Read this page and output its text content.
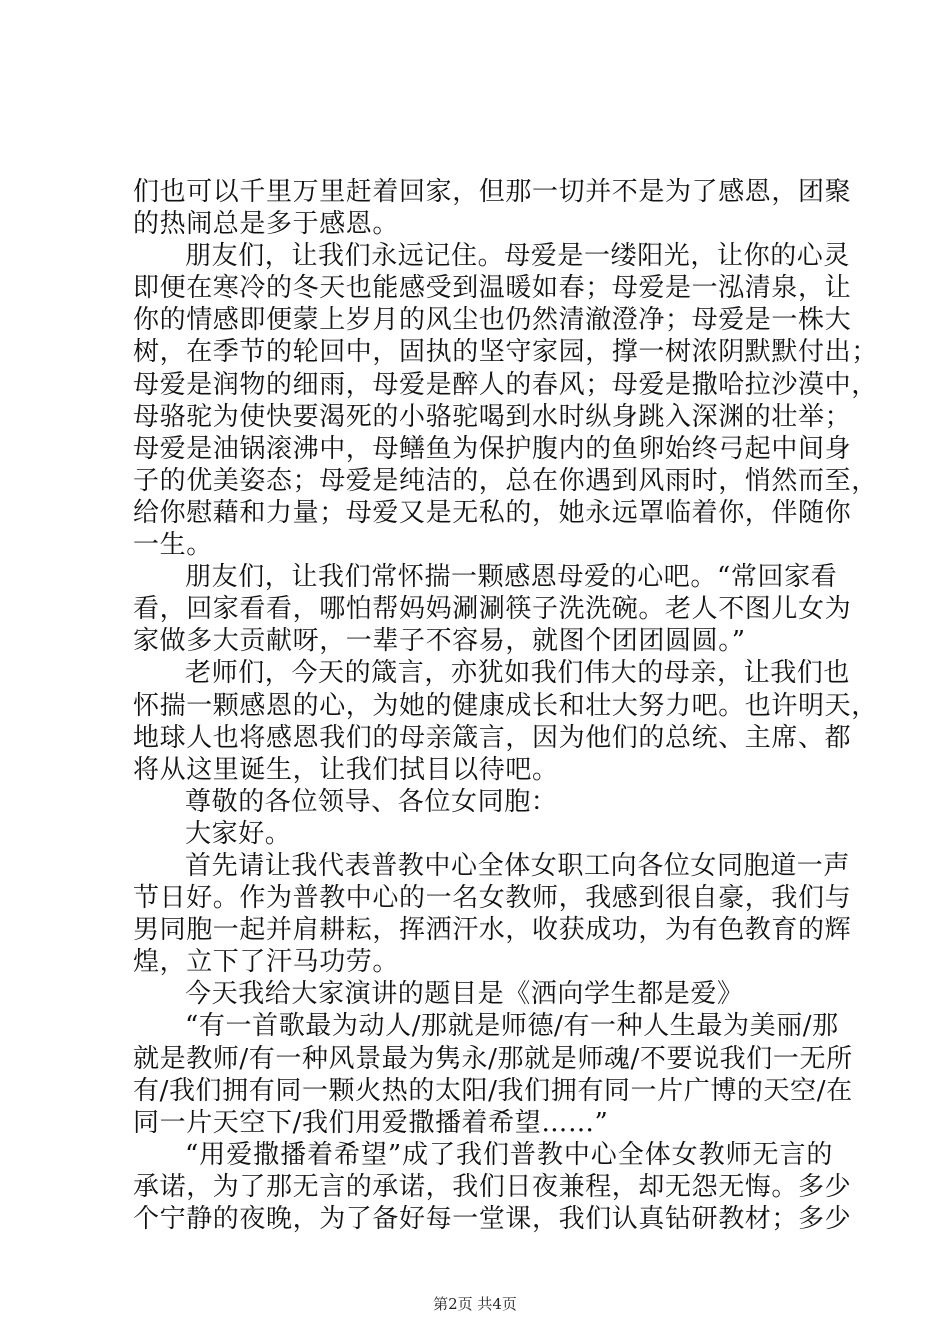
们也可以千里万里赶着回家，但那一切并不是为了感恩，团聚
的热闹总是多于感恩。
朋友们，让我们永远记住。母爱是一缕阳光，让你的心灵
即便在寒冷的冬天也能感受到温暖如春；母爱是一泓清泉，让
你的情感即便蒙上岁月的风尘也仍然清澈澄净；母爱是一株大
树，在季节的轮回中，固执的坚守家园，撑一树浓阴默默付出；
母爱是润物的细雨，母爱是醉人的春风；母爱是撒哈拉沙漠中，
母骆驼为使快要渴死的小骆驼喝到水时纵身跳入深渊的壮举；
母爱是油锅滚沸中，母鳝鱼为保护腹内的鱼卵始终弓起中间身
子的优美姿态；母爱是纯洁的，总在你遇到风雨时，悄然而至，
给你慰藉和力量；母爱又是无私的，她永远罩临着你，伴随你
一生。
朋友们，让我们常怀揣一颗感恩母爱的心吧。“常回家看
看，回家看看，哪怕帮妈妈涮涮筷子洗洗碗。老人不图儿女为
家做多大贡献呀，一辈子不容易，就图个团团圆圆。”
老师们，今天的箴言，亦犹如我们伟大的母亲，让我们也
怀揣一颗感恩的心，为她的健康成长和壮大努力吧。也许明天，
地球人也将感恩我们的母亲箴言，因为他们的总统、主席、都
将从这里诞生，让我们拭目以待吧。
尊敬的各位领导、各位女同胞：
大家好。
首先请让我代表普教中心全体女职工向各位女同胞道一声
节日好。作为普教中心的一名女教师，我感到很自豪，我们与
男同胞一起并肩耕耘，挥洒汗水，收获成功，为有色教育的辉
煌，立下了汗马功劳。
今天我给大家演讲的题目是《洒向学生都是爱》
“有一首歌最为动人/那就是师德/有一种人生最为美丽/那
就是教师/有一种风景最为隽永/那就是师魂/不要说我们一无所
有/我们拥有同一颗火热的太阳/我们拥有同一片广博的天空/在
同一片天空下/我们用爱撒播着希望……”
“用爱撒播着希望”成了我们普教中心全体女教师无言的
承诺，为了那无言的承诺，我们日夜兼程，却无怨无悔。多少
个宁静的夜晚，为了备好每一堂课，我们认真钻研教材；多少
第2页 共4页
